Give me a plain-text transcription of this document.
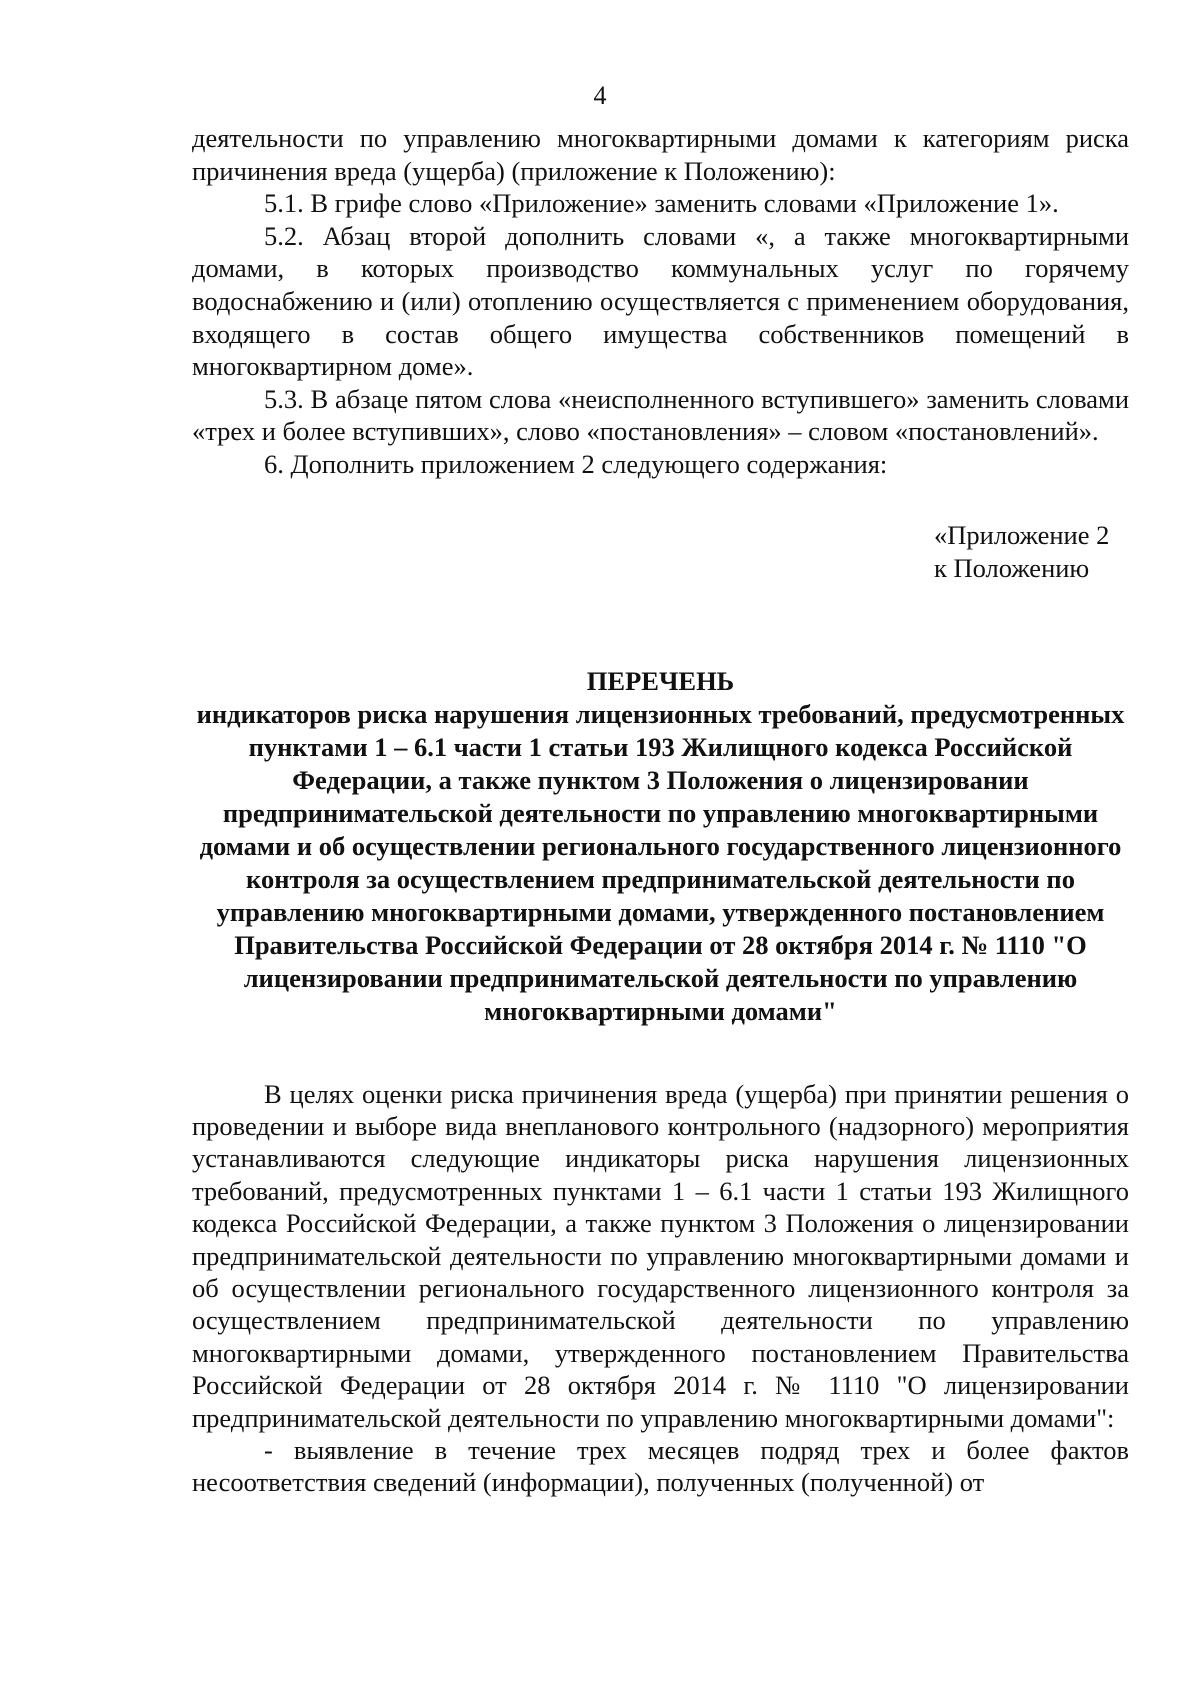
4

деятельности по управлению многоквартирными домами к категориям риска причинения вреда (ущерба) (приложение к Положению):

5.1. В грифе слово «Приложение» заменить словами «Приложение 1».

5.2. Абзац второй дополнить словами «, а также многоквартирными домами, в которых производство коммунальных услуг по горячему водоснабжению и (или) отоплению осуществляется с применением оборудования, входящего в состав общего имущества собственников помещений в многоквартирном доме».

5.3. В абзаце пятом слова «неисполненного вступившего» заменить словами «трех и более вступивших», слово «постановления» – словом «постановлений».

6. Дополнить приложением 2 следующего содержания:

«Приложение 2
к Положению

ПЕРЕЧЕНЬ

индикаторов риска нарушения лицензионных требований, предусмотренных пунктами 1 – 6.1 части 1 статьи 193 Жилищного кодекса Российской Федерации, а также пунктом 3 Положения о лицензировании предпринимательской деятельности по управлению многоквартирными домами и об осуществлении регионального государственного лицензионного контроля за осуществлением предпринимательской деятельности по управлению многоквартирными домами, утвержденного постановлением Правительства Российской Федерации от 28 октября 2014 г. № 1110 "О лицензировании предпринимательской деятельности по управлению многоквартирными домами"

В целях оценки риска причинения вреда (ущерба) при принятии решения о проведении и выборе вида внепланового контрольного (надзорного) мероприятия устанавливаются следующие индикаторы риска нарушения лицензионных требований, предусмотренных пунктами 1 – 6.1 части 1 статьи 193 Жилищного кодекса Российской Федерации, а также пунктом 3 Положения о лицензировании предпринимательской деятельности по управлению многоквартирными домами и об осуществлении регионального государственного лицензионного контроля за осуществлением предпринимательской деятельности по управлению многоквартирными домами, утвержденного постановлением Правительства Российской Федерации от 28 октября 2014 г. № 1110 "О лицензировании предпринимательской деятельности по управлению многоквартирными домами":

- выявление в течение трех месяцев подряд трех и более фактов несоответствия сведений (информации), полученных (полученной) от
